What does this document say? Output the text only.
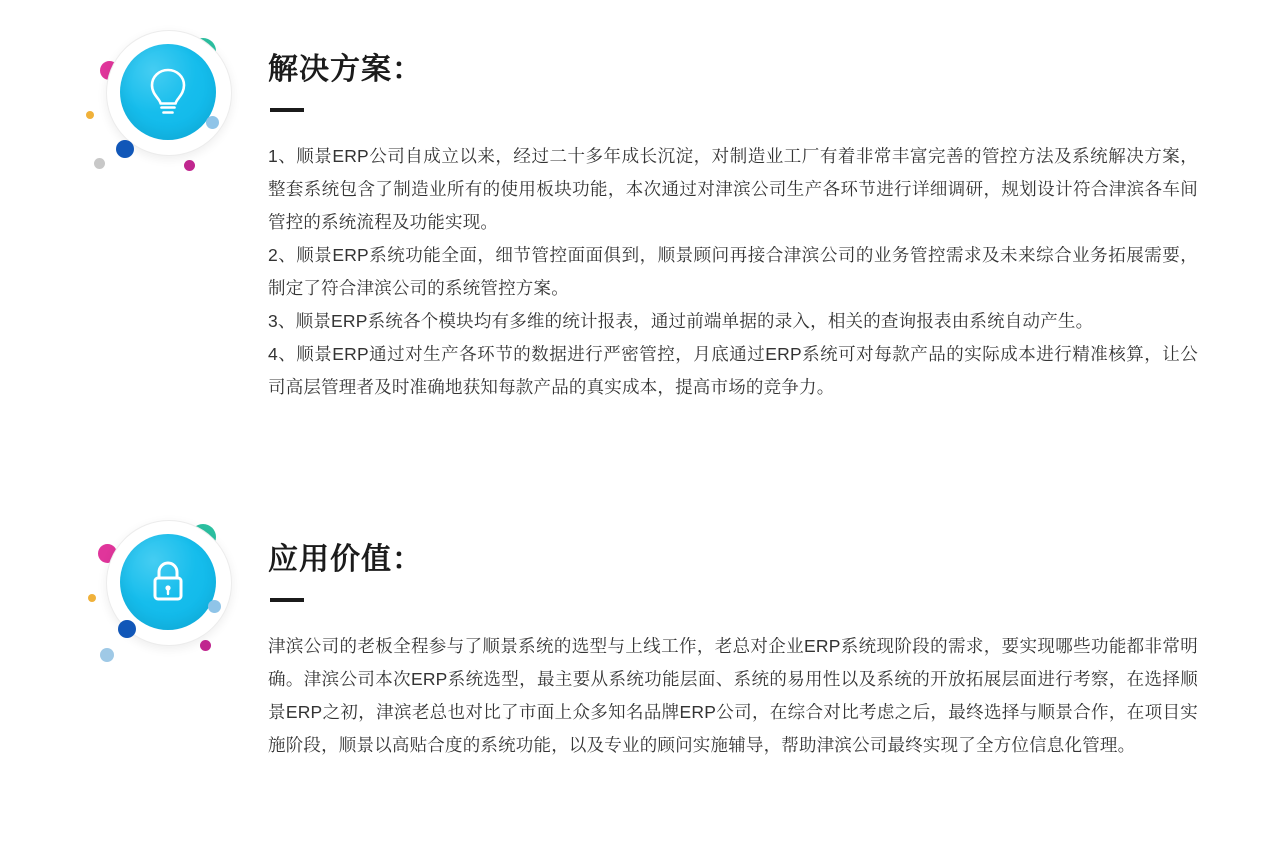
解决方案：

1、顺景ERP公司自成立以来，经过二十多年成长沉淀，对制造业工厂有着非常丰富完善的管控方法及系统解决方案，整套系统包含了制造业所有的使用板块功能，本次通过对津滨公司生产各环节进行详细调研，规划设计符合津滨各车间管控的系统流程及功能实现。

2、顺景ERP系统功能全面，细节管控面面俱到，顺景顾问再接合津滨公司的业务管控需求及未来综合业务拓展需要，制定了符合津滨公司的系统管控方案。

3、顺景ERP系统各个模块均有多维的统计报表，通过前端单据的录入，相关的查询报表由系统自动产生。

4、顺景ERP通过对生产各环节的数据进行严密管控，月底通过ERP系统可对每款产品的实际成本进行精准核算，让公司高层管理者及时准确地获知每款产品的真实成本，提高市场的竞争力。

应用价值：

津滨公司的老板全程参与了顺景系统的选型与上线工作，老总对企业ERP系统现阶段的需求，要实现哪些功能都非常明确。津滨公司本次ERP系统选型，最主要从系统功能层面、系统的易用性以及系统的开放拓展层面进行考察，在选择顺景ERP之初，津滨老总也对比了市面上众多知名品牌ERP公司，在综合对比考虑之后，最终选择与顺景合作，在项目实施阶段，顺景以高贴合度的系统功能，以及专业的顾问实施辅导，帮助津滨公司最终实现了全方位信息化管理。
